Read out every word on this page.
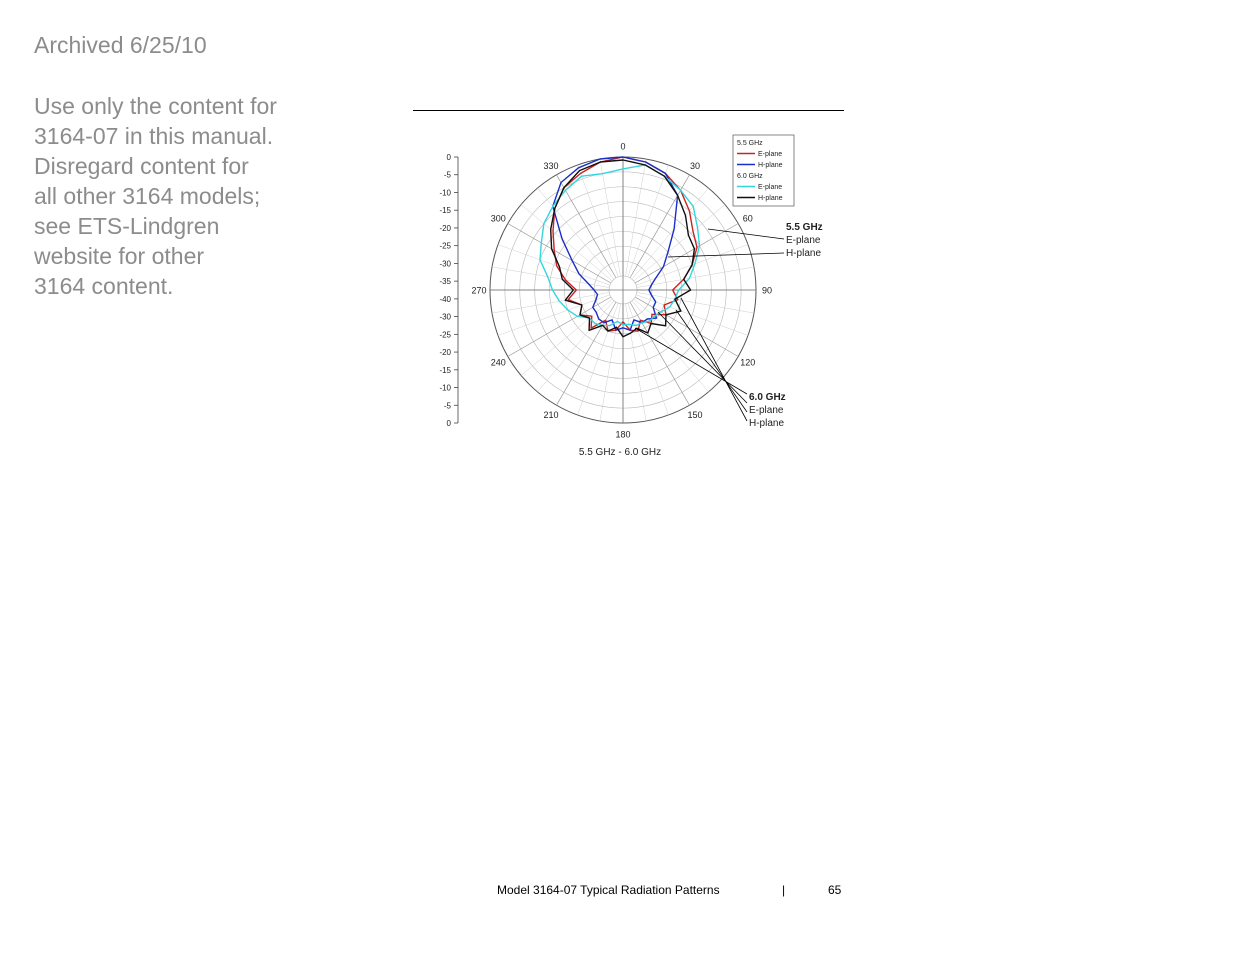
Archived 6/25/10
Use only the content for
3164-07 in this manual.
Disregard content for
all other 3164 models;
see ETS-Lindgren
website for other
3164 content.
0
-5
-10
-15
-20
-25
-30
-35
-40
-30
-25
-20
-15
-10
-5
0
0
30
60
90
120
150
180
210
240
270
300
330
5.5 GHz
E-plane
H-plane
6.0 GHz
E-plane
H-plane
5.5 GHz
E-plane
H-plane
6.0 GHz
E-plane
H-plane
5.5 GHz - 6.0 GHz
Model 3164-07 Typical Radiation Patterns	|	65
